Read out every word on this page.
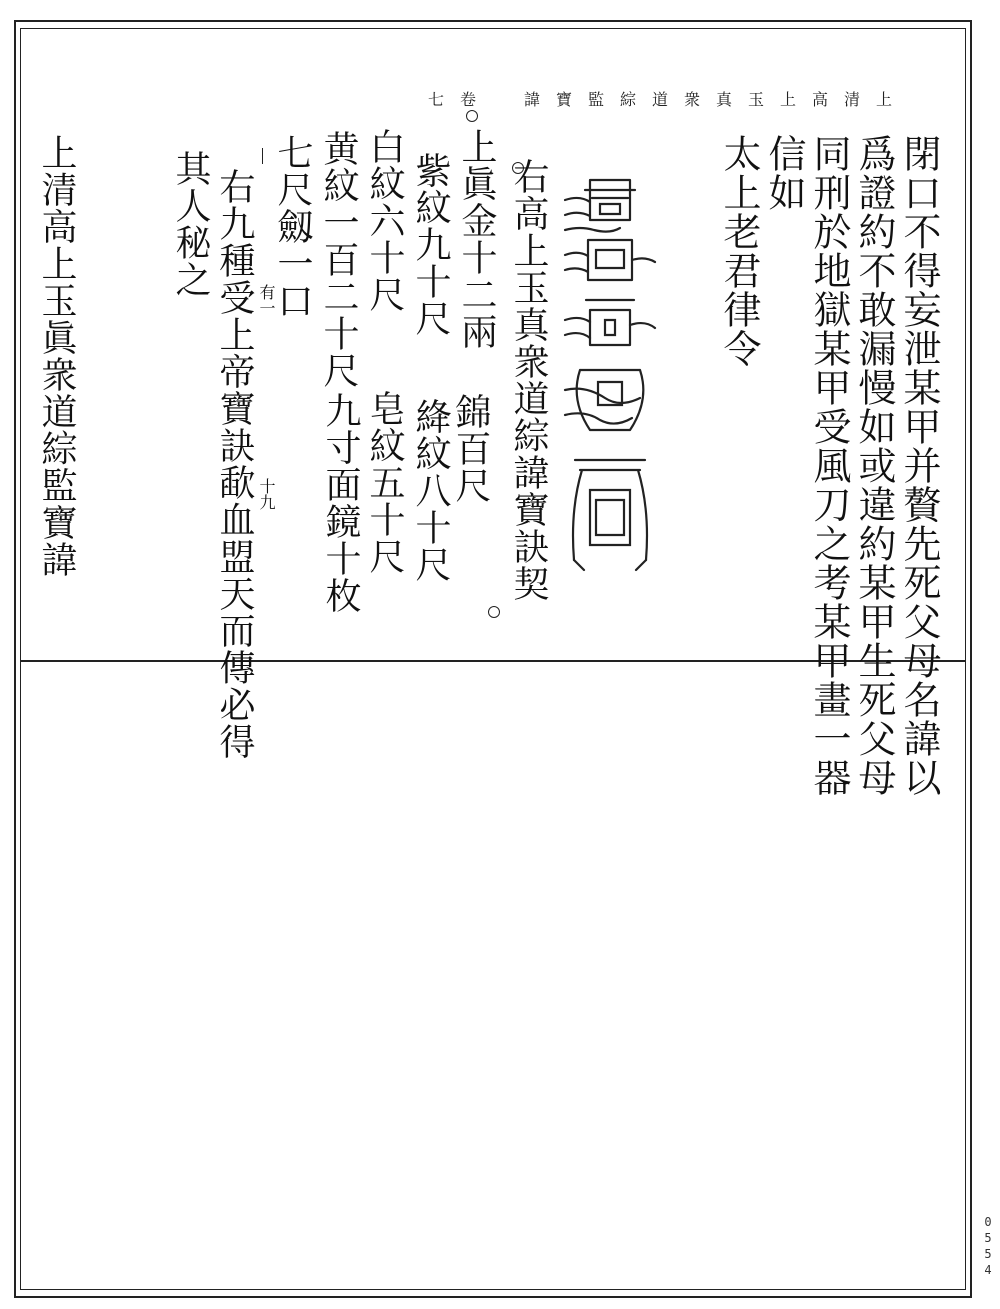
上清高上玉真衆道綜監寶諱　卷七
閉口不得妄泄某甲并贅先死父母名諱以
爲證約不敢漏慢如或違約某甲生死父母
同刑於地獄某甲受風刀之考某甲畫一器
信如
太上老君律令
右高上玉真衆道綜諱寶訣契
上眞金十二兩
紫紋九十尺
錦百尺
白紋六十尺
絳紋八十尺
黄紋一百二十尺
皂紋五十尺
七尺劔一口
九寸面鏡十枚
右九種受上帝寶訣歃血盟天而傳必得
其人秘之
有一
十九
上清高上玉眞衆道綜監寶諱
0554
